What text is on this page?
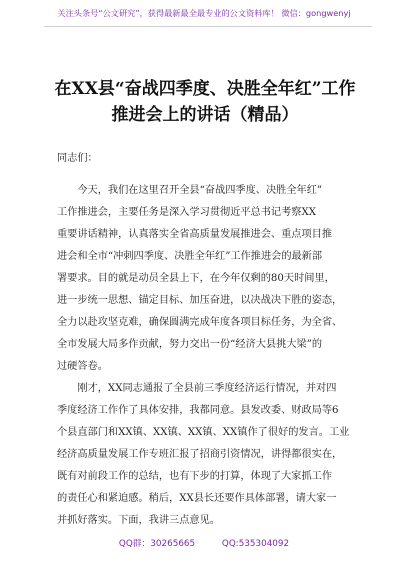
关注头条号“公文研究”，获得最新最全最专业的公文资料库！ 微信：gongwenyj
在XX县“奋战四季度、决胜全年红”工作
推进会上的讲话（精品）
同志们：
　　今天，我们在这里召开全县“奋战四季度、决胜全年红”
工作推进会，主要任务是深入学习贯彻近平总书记考察XX
重要讲话精神，认真落实全省高质量发展推进会、重点项目推
进会和全市“冲刺四季度、决胜全年红”工作推进会的最新部
署要求。目的就是动员全县上下，在今年仅剩的80天时间里，
进一步统一思想、锚定目标、加压奋进，以决战决下胜的姿态，
全力以赴攻坚克难，确保圆满完成年度各项目标任务，为全省、
全市发展大局多作贡献，努力交出一份“经济大县挑大梁”的
过硬答卷。
　　刚才，XX同志通报了全县前三季度经济运行情况，并对四
季度经济工作作了具体安排，我都同意。县发改委、财政局等6
个县直部门和XX镇、XX镇、XX镇、XX镇作了很好的发言。工业
经济高质量发展工作专班汇报了招商引资情况，讲得都很实在，
既有对前段工作的总结，也有下步的打算，体现了大家抓工作
的责任心和紧迫感。稍后，XX县长还要作具体部署，请大家一
并抓好落实。下面，我讲三点意见。
QQ群：30265665	QQ:535304092
